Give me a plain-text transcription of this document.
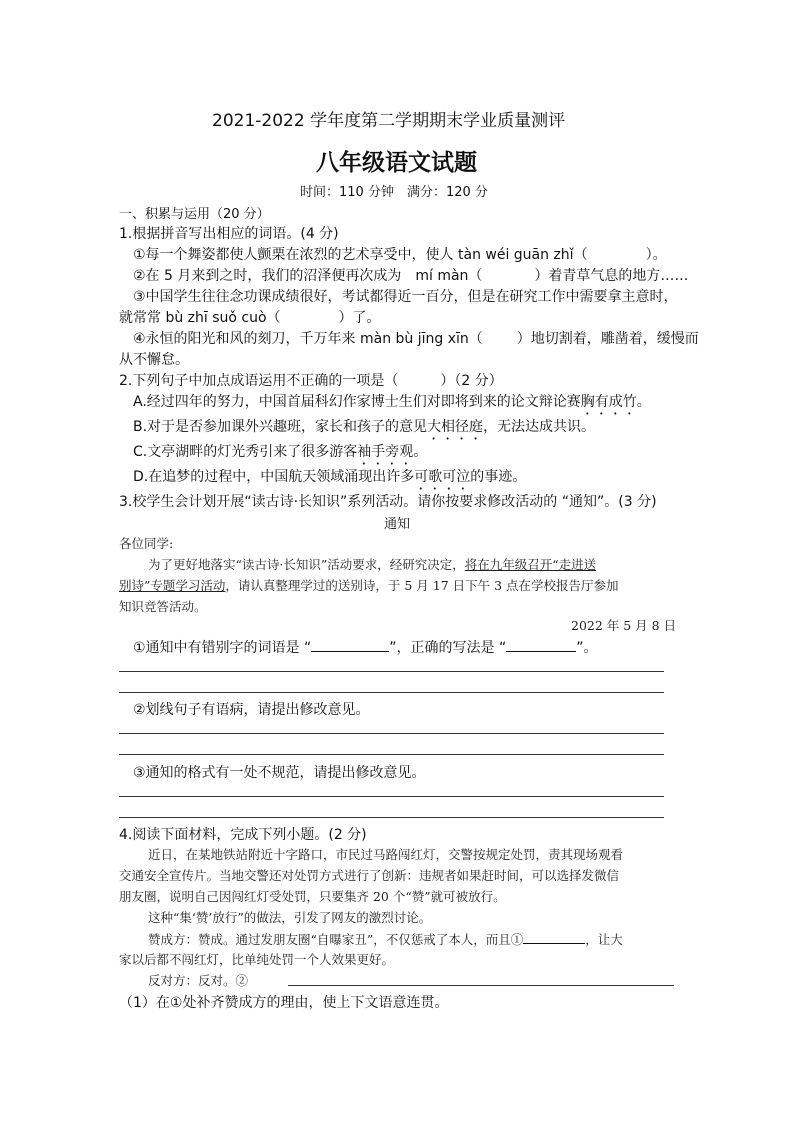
2021-2022 学年度第二学期期末学业质量测评
八年级语文试题
时间：110 分钟　满分：120 分
一、积累与运用（20 分）
1.根据拼音写出相应的词语。(4 分)
①每一个舞姿都使人颤栗在浓烈的艺术享受中，使人 tàn wéi guān zhǐ（	）。
②在 5 月来到之时，我们的沼泽便再次成为　mí màn（	）着青草气息的地方……
③中国学生往往念功课成绩很好，考试都得近一百分，但是在研究工作中需要拿主意时，
就常常 bù zhī suǒ cuò（	）了。
④永恒的阳光和风的刻刀，千万年来 màn bù jīng xīn（ ）地切割着，雕凿着，缓慢而
从不懈怠。
2.下列句子中加点成语运用不正确的一项是（　　　）（2 分）
A.经过四年的努力，中国首届科幻作家博士生们对即将到来的论文辩论赛胸有成竹。
B.对于是否参加课外兴趣班，家长和孩子的意见大相径庭，无法达成共识。
C.文亭湖畔的灯光秀引来了很多游客袖手旁观。
D.在追梦的过程中，中国航天领域涌现出许多可歌可泣的事迹。
3.校学生会计划开展“读古诗·长知识”系列活动。请你按要求修改活动的 “通知”。(3 分)
通知
各位同学:
为了更好地落实“读古诗·长知识”活动要求，经研究决定，将在九年级召开“走进送
别诗”专题学习活动，请认真整理学过的送别诗，于 5 月 17 日下午 3 点在学校报告厅参加
知识竞答活动。
2022 年 5 月 8 日
①通知中有错别字的词语是 “	”，正确的写法是 “	”。
②划线句子有语病，请提出修改意见。
③通知的格式有一处不规范，请提出修改意见。
4.阅读下面材料，完成下列小题。(2 分)
近日，在某地铁站附近十字路口，市民过马路闯红灯，交警按规定处罚，责其现场观看
交通安全宣传片。当地交警还对处罚方式进行了创新：违规者如果赶时间，可以选择发微信
朋友圈，说明自己因闯红灯受处罚，只要集齐 20 个“赞”就可被放行。
这种“集‘赞’放行”的做法，引发了网友的激烈讨论。
赞成方：赞成。通过发朋友圈“自曝家丑”，不仅惩戒了本人，而且①	，让大
家以后都不闯红灯，比单纯处罚一个人效果更好。
反对方：反对。②
（1）在①处补齐赞成方的理由，使上下文语意连贯。
